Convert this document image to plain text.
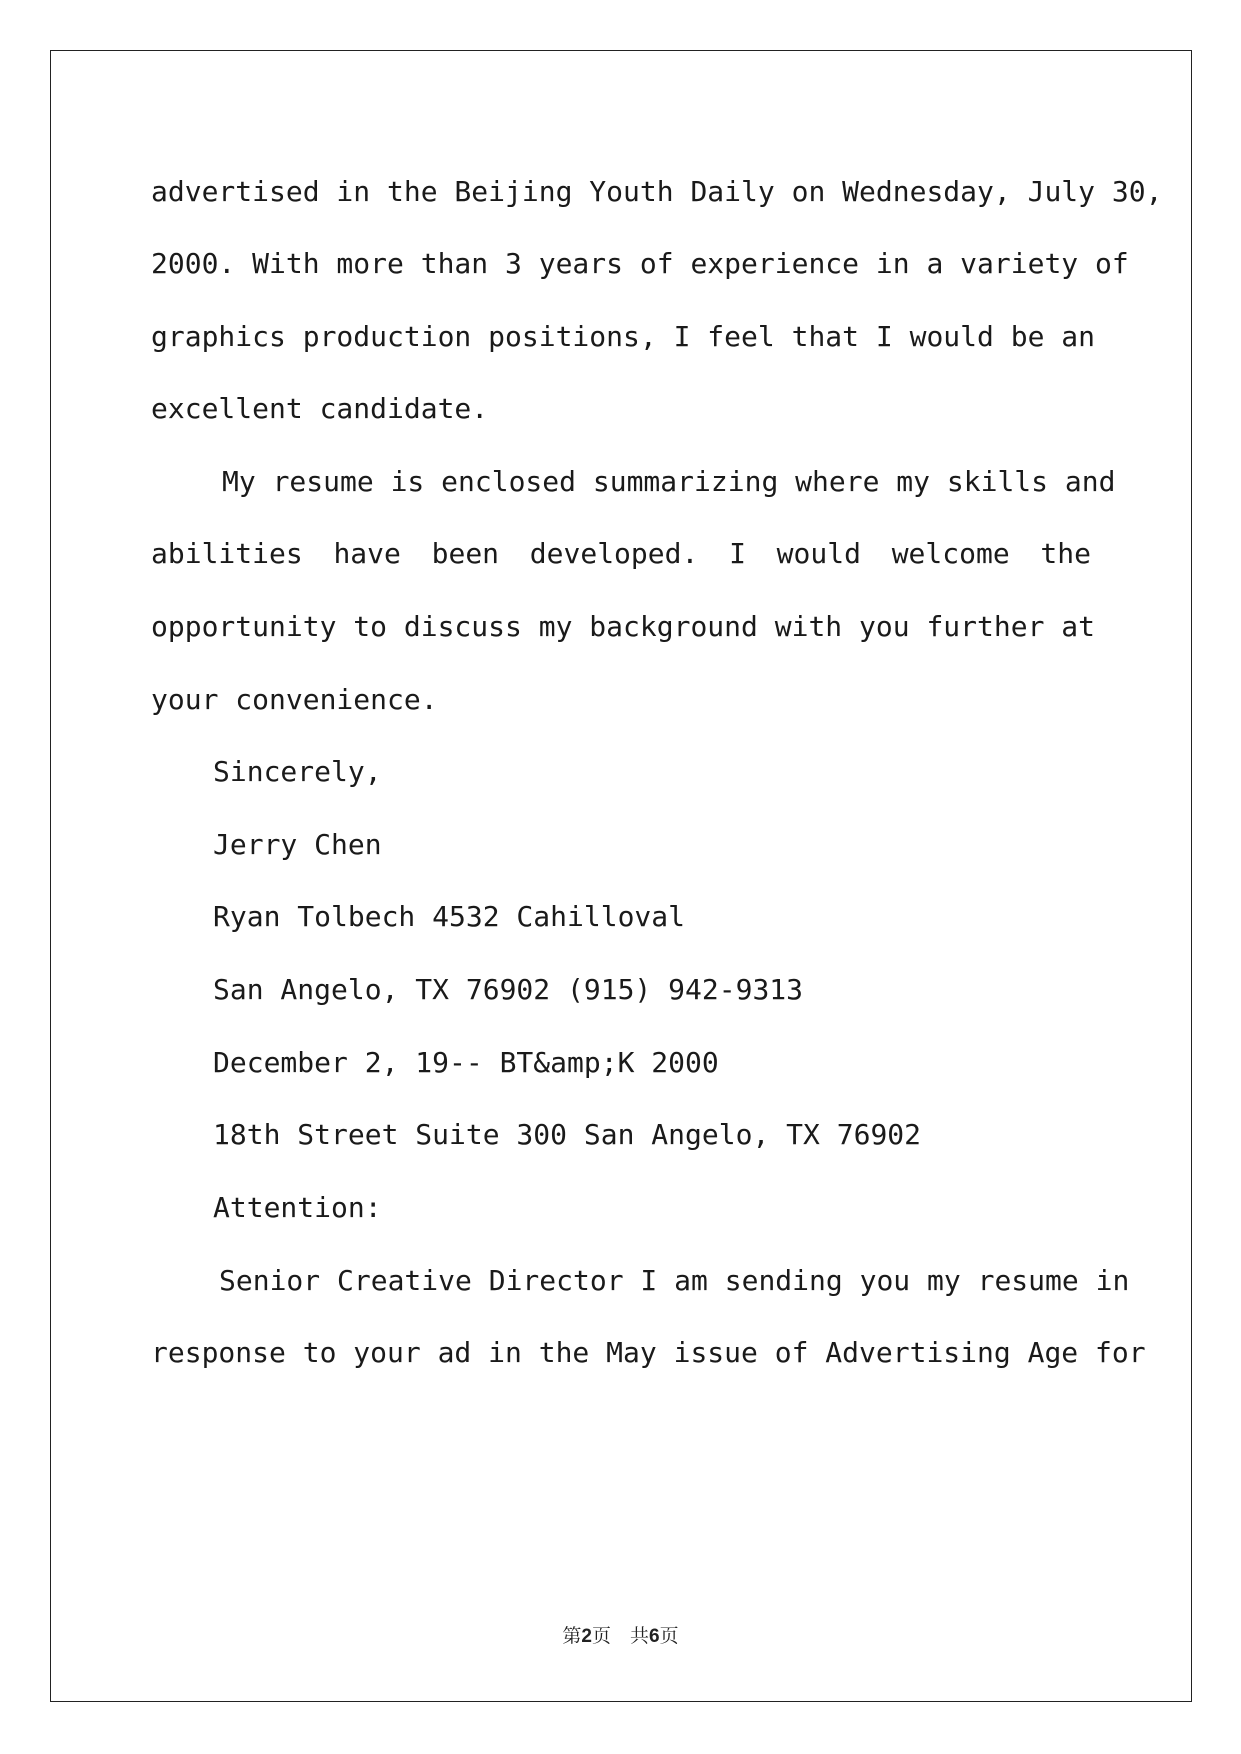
advertised in the Beijing Youth Daily on Wednesday, July 30,
2000. With more than 3 years of experience in a variety of
graphics production positions, I feel that I would be an
excellent candidate.
My resume is enclosed summarizing where my skills and
abilities have been developed. I would welcome the
opportunity to discuss my background with you further at
your convenience.
Sincerely,
Jerry Chen
Ryan Tolbech 4532 Cahilloval
San Angelo, TX 76902 (915) 942-9313
December 2, 19-- BT&amp;K 2000
18th Street Suite 300 San Angelo, TX 76902
Attention:
Senior Creative Director I am sending you my resume in
response to your ad in the May issue of Advertising Age for
第2页　共6页
